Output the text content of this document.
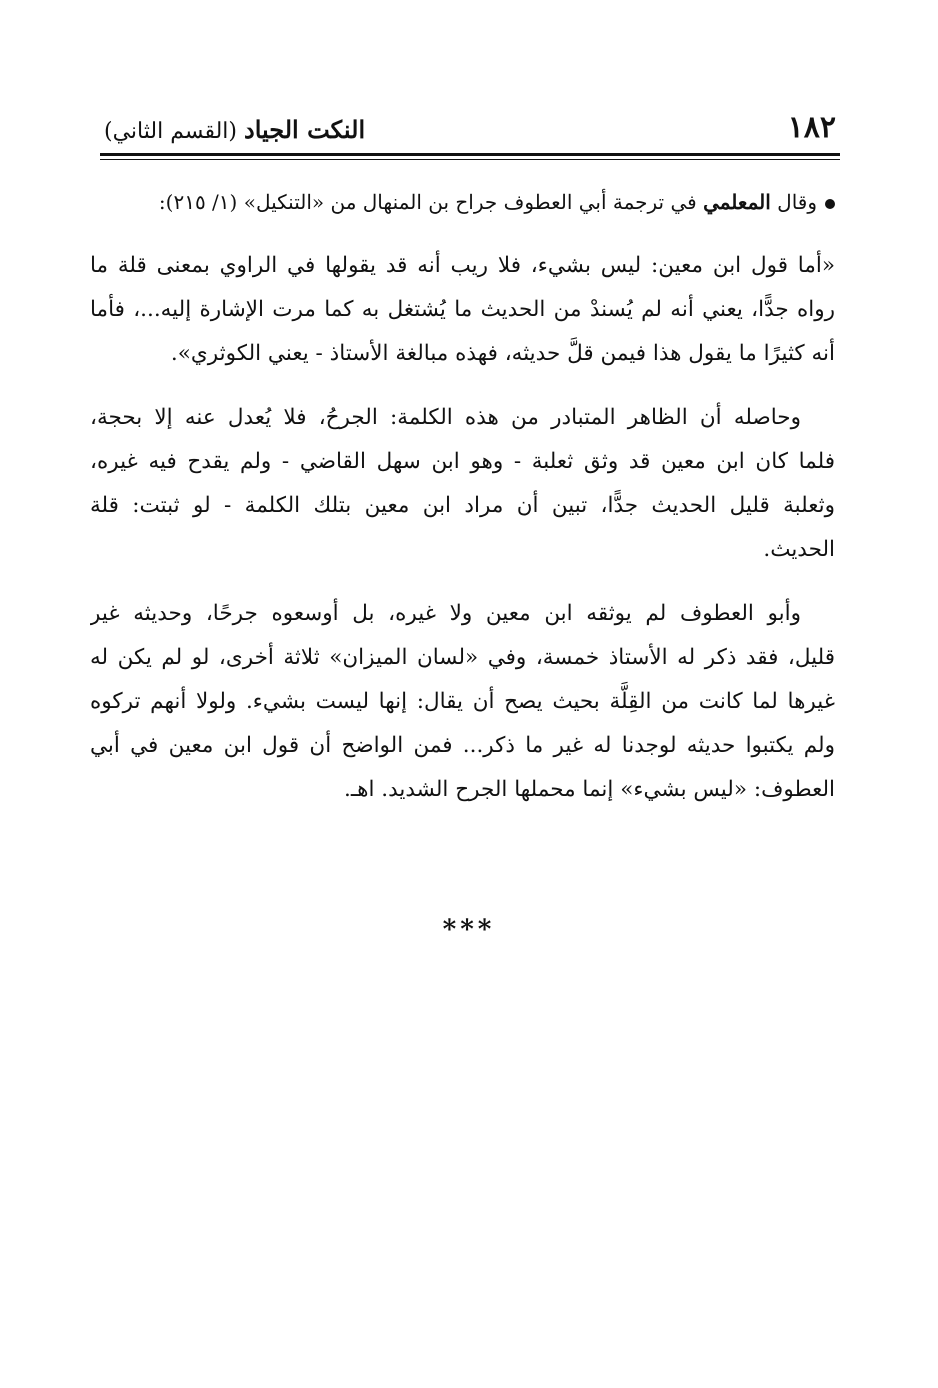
١٨٢
النكت الجياد (القسم الثاني)
وقال المعلمي في ترجمة أبي العطوف جراح بن المنهال من «التنكيل» (١/ ٢١٥):
«أما قول ابن معين: ليس بشيء، فلا ريب أنه قد يقولها في الراوي بمعنى قلة ما
رواه جدًّا، يعني أنه لم يُسندْ من الحديث ما يُشتغل به كما مرت الإشارة إليه...، فأما
أنه كثيرًا ما يقول هذا فيمن قلَّ حديثه، فهذه مبالغة الأستاذ - يعني الكوثري».
وحاصله أن الظاهر المتبادر من هذه الكلمة: الجرحُ، فلا يُعدل عنه إلا بحجة،
فلما كان ابن معين قد وثق ثعلبة - وهو ابن سهل القاضي - ولم يقدح فيه غيره،
وثعلبة قليل الحديث جدًّا، تبين أن مراد ابن معين بتلك الكلمة - لو ثبتت: قلة
الحديث.
وأبو العطوف لم يوثقه ابن معين ولا غيره، بل أوسعوه جرحًا، وحديثه غير
قليل، فقد ذكر له الأستاذ خمسة، وفي «لسان الميزان» ثلاثة أخرى، لو لم يكن له
غيرها لما كانت من القِلَّة بحيث يصح أن يقال: إنها ليست بشيء. ولولا أنهم تركوه
ولم يكتبوا حديثه لوجدنا له غير ما ذكر... فمن الواضح أن قول ابن معين في أبي
العطوف: «ليس بشيء» إنما محملها الجرح الشديد. اهـ.
***
